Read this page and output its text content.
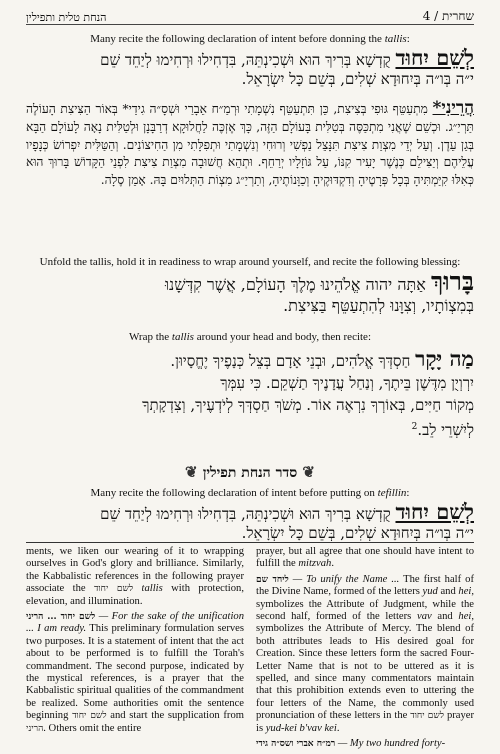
הנחת טלית ותפילין	4 / שחרית
Many recite the following declaration of intent before donning the tallis:
לְשֵׁם יִחוּד קֻדְשָׁא בְּרִיךְ הוּא וּשְׁכִינְתֵּהּ, בִּדְחִילוּ וּרְחִימוּ לְיַחֵד שֵׁם
י״ה בְּו״ה בְּיִחוּדָא שְׁלִים, בְּשֵׁם כָּל יִשְׂרָאֵל.
הֲרֵינִי* מִתְעַטֵּף גּוּפִי בְּצִיצִת, כֵּן תִּתְעַטֵּף נִשְׁמָתִי וּרְמַ״ח אֵבָרַי וּשְׁסָ״ה גִידַי* בְּאוֹר הַצִּיצִת הָעוֹלֶה תַּרְיַ״ג. וּכְשֵׁם שֶׁאֲנִי מִתְכַּסֶּה בְּטַלִּית בָּעוֹלָם הַזֶּה, כָּךְ אֶזְכֶּה לַחֲלוּקָא דְרַבָּנָן וּלְטַלִּית נָאָה לָעוֹלָם הַבָּא בְּגַן עֵדֶן. וְעַל יְדֵי מִצְוַת צִיצִת תִּנָּצֵל נַפְשִׁי וְרוּחִי וְנִשְׁמָתִי וּתְפִלָּתִי מִן הַחִיצוֹנִים. וְהַטַּלִּית יִפְרוֹשׂ כְּנָפָיו עֲלֵיהֶם וְיַצִּילֵם כְּנֶשֶׁר יָעִיר קִנּוֹ, עַל גּוֹזָלָיו יְרַחֵף. וּתְהֵא חֲשׁוּבָה מִצְוַת צִיצִת לִפְנֵי הַקָּדוֹשׁ בָּרוּךְ הוּא כְּאִלּוּ קִיַּמְתִּיהָ בְּכָל פְּרָטֶיהָ וְדִקְדּוּקֶיהָ וְכַוָּנוֹתֶיהָ, וְתַרְיַ״ג מִצְוֹת הַתְּלוּיִם בָּהּ. אָמֵן סֶלָה.
Unfold the tallis, hold it in readiness to wrap around yourself, and recite the following blessing:
בָּרוּךְ אַתָּה יהוה אֱלֹהֵינוּ מֶלֶךְ הָעוֹלָם, אֲשֶׁר קִדְּשָׁנוּ
בְּמִצְוֹתָיו, וְצִוָּנוּ לְהִתְעַטֵּף בַּצִּיצִת.
Wrap the tallis around your head and body, then recite:
מַה יָּקָר חַסְדְּךָ אֱלֹהִים, וּבְנֵי אָדָם בְּצֵל כְּנָפֶיךָ יֶחֱסָיוּן.
יִרְוְיֻן מִדֶּשֶׁן בֵּיתֶךָ, וְנַחַל עֲדָנֶיךָ תַשְׁקֵם. כִּי עִמְּךָ
מְקוֹר חַיִּים, בְּאוֹרְךָ נִרְאֶה אוֹר. מְשֹׁךְ חַסְדְּךָ לְיֹדְעֶיךָ, וְצִדְקָתְךָ
לְיִשְׁרֵי לֵב.$^2$
❦ סדר הנחת תפילין ❦
Many recite the following declaration of intent before putting on tefillin:
לְשֵׁם יִחוּד קֻדְשָׁא בְּרִיךְ הוּא וּשְׁכִינְתֵּהּ, בִּדְחִילוּ וּרְחִימוּ לְיַחֵד שֵׁם
י״ה בְּו״ה בְּיִחוּדָא שְׁלִים, בְּשֵׁם כָּל יִשְׂרָאֵל.

ments, we liken our wearing of it to wrapping ourselves in God's glory and brilliance. Similarly, the Kabbalistic references in the following prayer associate the לשם יחוד tallis with protection, elevation, and illumination.

לשם יחוד ... הריני — For the sake of the unification ... I am ready. This preliminary formulation serves two purposes. It is a statement of intent that the act about to be performed is to fulfill the Torah's commandment. The second purpose, indicated by the mystical references, is a prayer that the Kabbalistic spiritual qualities of the commandment be realized. Some authorities omit the sentence beginning לשם יחוד and start the supplication from הריני. Others omit the entire

prayer, but all agree that one should have intent to fulfill the mitzvah.

ליחד שם — To unify the Name ... The first half of the Divine Name, formed of the letters yud and hei, symbolizes the Attribute of Judgment, while the second half, formed of the letters vav and hei, symbolizes the Attribute of Mercy. The blend of both attributes leads to His desired goal for Creation. Since these letters form the sacred Four-Letter Name that is not to be uttered as it is spelled, and since many commentators maintain that this prohibition extends even to uttering the four letters of the Name, the commonly used pronunciation of these letters in the לשם יחוד prayer is yud-kei b'vav kei.

רמ״ח אברי ושס״ה גידי — My two hundred forty-
